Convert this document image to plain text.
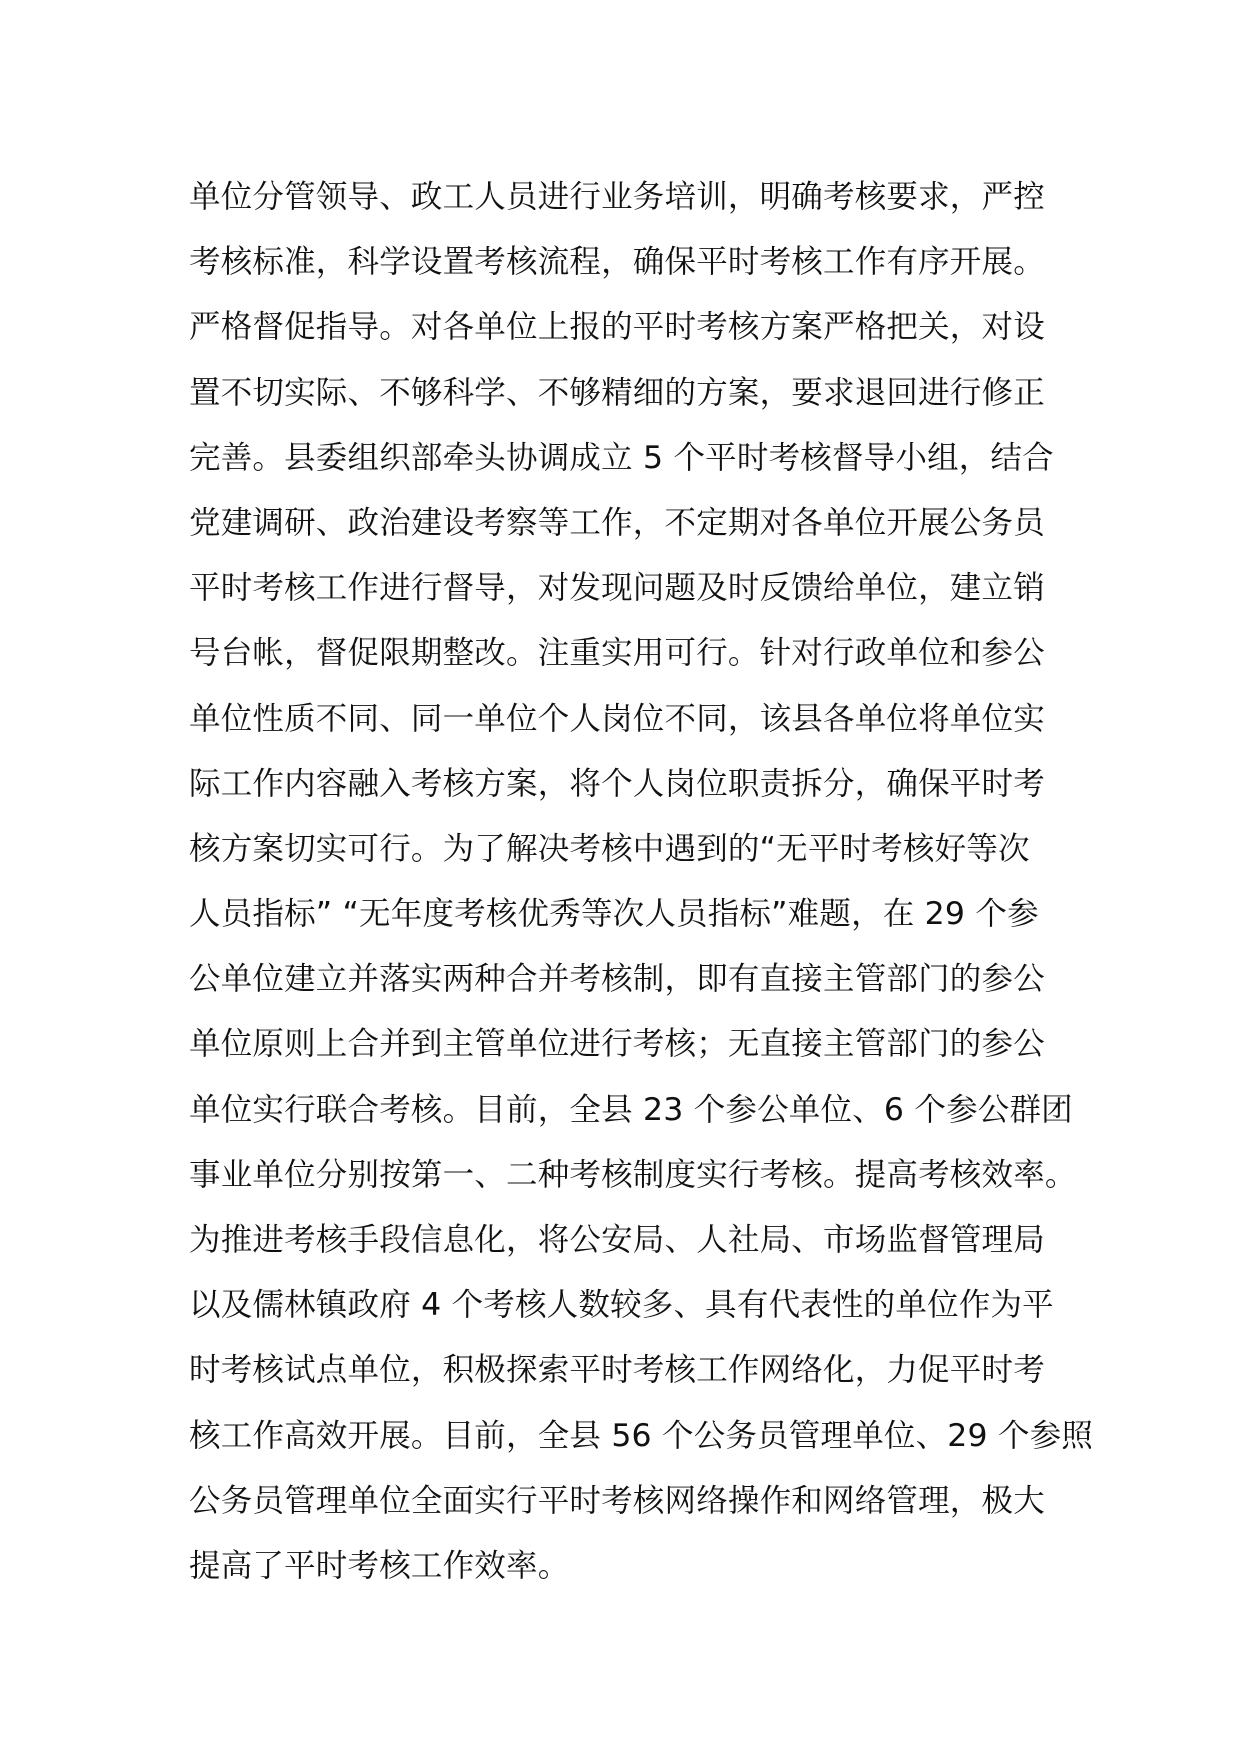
单位分管领导、政工人员进行业务培训，明确考核要求，严控
考核标准，科学设置考核流程，确保平时考核工作有序开展。
严格督促指导。对各单位上报的平时考核方案严格把关，对设
置不切实际、不够科学、不够精细的方案，要求退回进行修正
完善。县委组织部牵头协调成立 5 个平时考核督导小组，结合
党建调研、政治建设考察等工作，不定期对各单位开展公务员
平时考核工作进行督导，对发现问题及时反馈给单位，建立销
号台帐，督促限期整改。注重实用可行。针对行政单位和参公
单位性质不同、同一单位个人岗位不同，该县各单位将单位实
际工作内容融入考核方案，将个人岗位职责拆分，确保平时考
核方案切实可行。为了解决考核中遇到的“无平时考核好等次
人员指标” “无年度考核优秀等次人员指标”难题，在 29 个参
公单位建立并落实两种合并考核制，即有直接主管部门的参公
单位原则上合并到主管单位进行考核；无直接主管部门的参公
单位实行联合考核。目前，全县 23 个参公单位、6 个参公群团
事业单位分别按第一、二种考核制度实行考核。提高考核效率。
为推进考核手段信息化，将公安局、人社局、市场监督管理局
以及儒林镇政府 4 个考核人数较多、具有代表性的单位作为平
时考核试点单位，积极探索平时考核工作网络化，力促平时考
核工作高效开展。目前，全县 56 个公务员管理单位、29 个参照
公务员管理单位全面实行平时考核网络操作和网络管理，极大
提高了平时考核工作效率。
